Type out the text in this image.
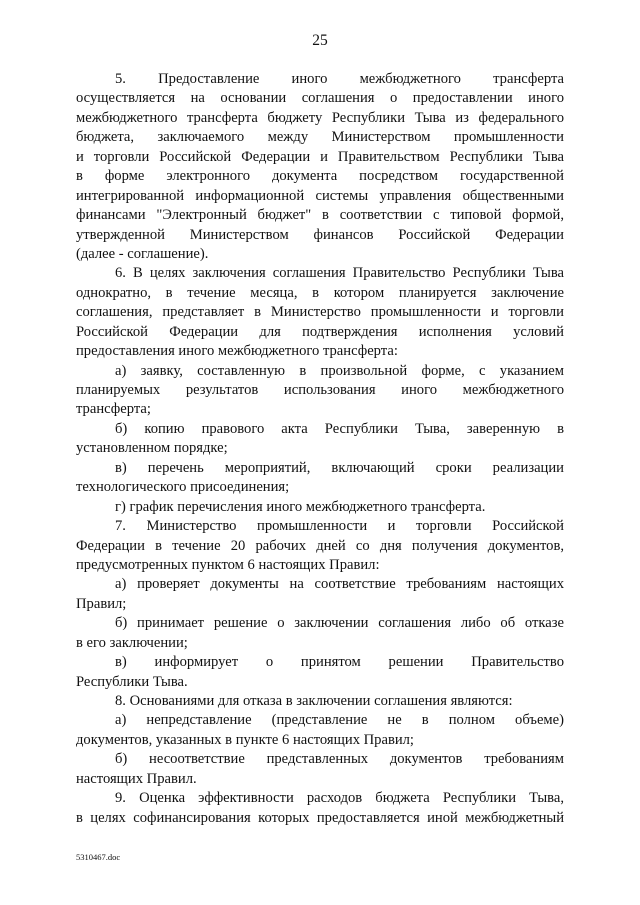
25
5. Предоставление иного межбюджетного трансферта
осуществляется на основании соглашения о предоставлении иного
межбюджетного трансферта бюджету Республики Тыва из федерального
бюджета, заключаемого между Министерством промышленности
и торговли Российской Федерации и Правительством Республики Тыва
в форме электронного документа посредством государственной
интегрированной информационной системы управления общественными
финансами "Электронный бюджет" в соответствии с типовой формой,
утвержденной Министерством финансов Российской Федерации
(далее - соглашение).
6. В целях заключения соглашения Правительство Республики Тыва
однократно, в течение месяца, в котором планируется заключение
соглашения, представляет в Министерство промышленности и торговли
Российской Федерации для подтверждения исполнения условий
предоставления иного межбюджетного трансферта:
а) заявку, составленную в произвольной форме, с указанием
планируемых результатов использования иного межбюджетного
трансферта;
б) копию правового акта Республики Тыва, заверенную в
установленном порядке;
в) перечень мероприятий, включающий сроки реализации
технологического присоединения;
г) график перечисления иного межбюджетного трансферта.
7. Министерство промышленности и торговли Российской
Федерации в течение 20 рабочих дней со дня получения документов,
предусмотренных пунктом 6 настоящих Правил:
а) проверяет документы на соответствие требованиям настоящих
Правил;
б) принимает решение о заключении соглашения либо об отказе
в его заключении;
в) информирует о принятом решении Правительство
Республики Тыва.
8. Основаниями для отказа в заключении соглашения являются:
а) непредставление (представление не в полном объеме)
документов, указанных в пункте 6 настоящих Правил;
б) несоответствие представленных документов требованиям
настоящих Правил.
9. Оценка эффективности расходов бюджета Республики Тыва,
в целях софинансирования которых предоставляется иной межбюджетный
5310467.doc
